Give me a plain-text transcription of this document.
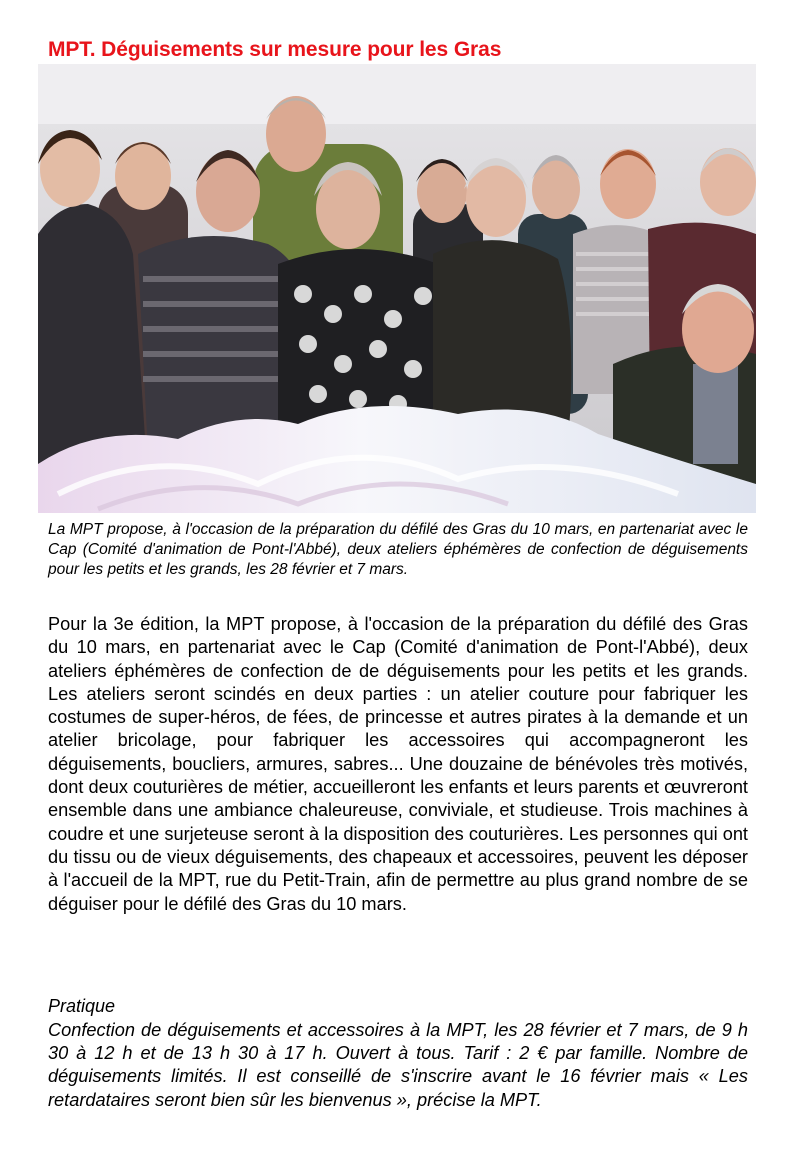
MPT. Déguisements sur mesure pour les Gras

La MPT propose, à l'occasion de la préparation du défilé des Gras du 10 mars, en partenariat avec le Cap (Comité d'animation de Pont-l'Abbé), deux ateliers éphémères de confection de déguisements pour les petits et les grands, les 28 février et 7 mars.

Pour la 3e édition, la MPT propose, à l'occasion de la préparation du défilé des Gras du 10 mars, en partenariat avec le Cap (Comité d'animation de Pont-l'Abbé), deux ateliers éphémères de confection de de déguisements pour les petits et les grands. Les ateliers seront scindés en deux parties : un atelier couture pour fabriquer les costumes de super-héros, de fées, de princesse et autres pirates à la demande et un atelier bricolage, pour fabriquer les accessoires qui accompagneront les déguisements, boucliers, armures, sabres... Une douzaine de bénévoles très motivés, dont deux couturières de métier, accueilleront les enfants et leurs parents et œuvreront ensemble dans une ambiance chaleureuse, conviviale, et studieuse. Trois machines à coudre et une surjeteuse seront à la disposition des couturières. Les personnes qui ont du tissu ou de vieux déguisements, des chapeaux et accessoires, peuvent les déposer à l'accueil de la MPT, rue du Petit-Train, afin de permettre au plus grand nombre de se déguiser pour le défilé des Gras du 10 mars.

Pratique

Confection de déguisements et accessoires à la MPT, les 28 février et 7 mars, de 9 h 30 à 12 h et de 13 h 30 à 17 h. Ouvert à tous. Tarif : 2 € par famille. Nombre de déguisements limités. Il est conseillé de s'inscrire avant le 16 février mais « Les retardataires seront bien sûr les bienvenus », précise la MPT.
